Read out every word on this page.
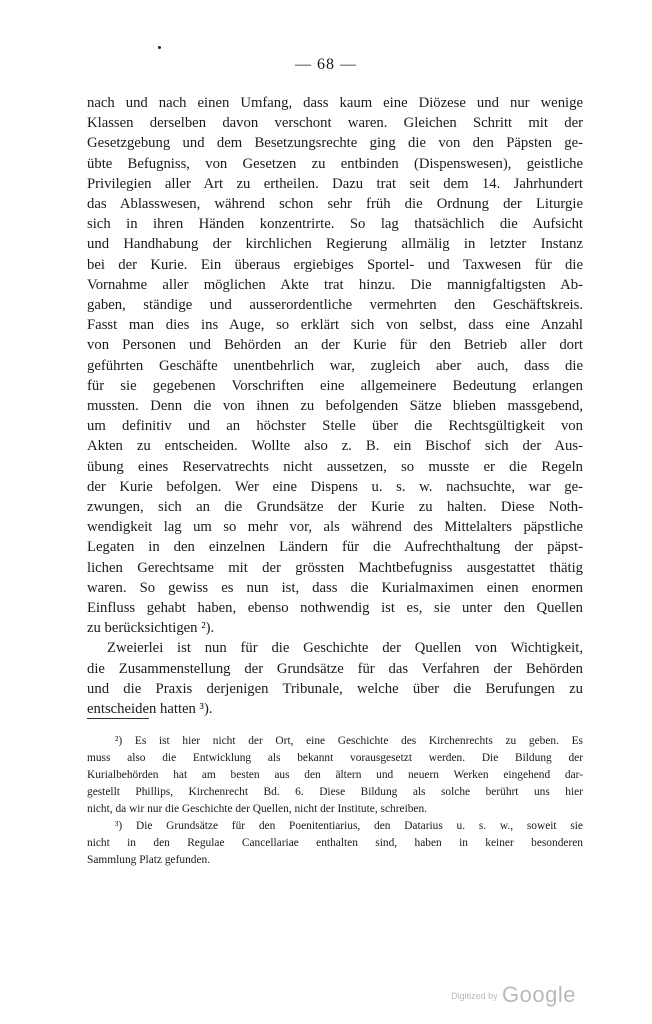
— 68 —
nach und nach einen Umfang, dass kaum eine Diözese und nur wenige
Klassen derselben davon verschont waren. Gleichen Schritt mit der
Gesetzgebung und dem Besetzungsrechte ging die von den Päpsten ge-
übte Befugniss, von Gesetzen zu entbinden (Dispenswesen), geistliche
Privilegien aller Art zu ertheilen. Dazu trat seit dem 14. Jahrhundert
das Ablasswesen, während schon sehr früh die Ordnung der Liturgie
sich in ihren Händen konzentrirte. So lag thatsächlich die Aufsicht
und Handhabung der kirchlichen Regierung allmälig in letzter Instanz
bei der Kurie. Ein überaus ergiebiges Sportel- und Taxwesen für die
Vornahme aller möglichen Akte trat hinzu. Die mannigfaltigsten Ab-
gaben, ständige und ausserordentliche vermehrten den Geschäftskreis.
Fasst man dies ins Auge, so erklärt sich von selbst, dass eine Anzahl
von Personen und Behörden an der Kurie für den Betrieb aller dort
geführten Geschäfte unentbehrlich war, zugleich aber auch, dass die
für sie gegebenen Vorschriften eine allgemeinere Bedeutung erlangen
mussten. Denn die von ihnen zu befolgenden Sätze blieben massgebend,
um definitiv und an höchster Stelle über die Rechtsgültigkeit von
Akten zu entscheiden. Wollte also z. B. ein Bischof sich der Aus-
übung eines Reservatrechts nicht aussetzen, so musste er die Regeln
der Kurie befolgen. Wer eine Dispens u. s. w. nachsuchte, war ge-
zwungen, sich an die Grundsätze der Kurie zu halten. Diese Noth-
wendigkeit lag um so mehr vor, als während des Mittelalters päpstliche
Legaten in den einzelnen Ländern für die Aufrechthaltung der päpst-
lichen Gerechtsame mit der grössten Machtbefugniss ausgestattet thätig
waren. So gewiss es nun ist, dass die Kurialmaximen einen enormen
Einfluss gehabt haben, ebenso nothwendig ist es, sie unter den Quellen
zu berücksichtigen ²).
Zweierlei ist nun für die Geschichte der Quellen von Wichtigkeit,
die Zusammenstellung der Grundsätze für das Verfahren der Behörden
und die Praxis derjenigen Tribunale, welche über die Berufungen zu
entscheiden hatten ³).
²) Es ist hier nicht der Ort, eine Geschichte des Kirchenrechts zu geben. Es
muss also die Entwicklung als bekannt vorausgesetzt werden. Die Bildung der
Kurialbehörden hat am besten aus den ältern und neuern Werken eingehend dar-
gestellt Phillips, Kirchenrecht Bd. 6. Diese Bildung als solche berührt uns hier
nicht, da wir nur die Geschichte der Quellen, nicht der Institute, schreiben.
³) Die Grundsätze für den Poenitentiarius, den Datarius u. s. w., soweit sie
nicht in den Regulae Cancellariae enthalten sind, haben in keiner besonderen
Sammlung Platz gefunden.
Digitized by Google
